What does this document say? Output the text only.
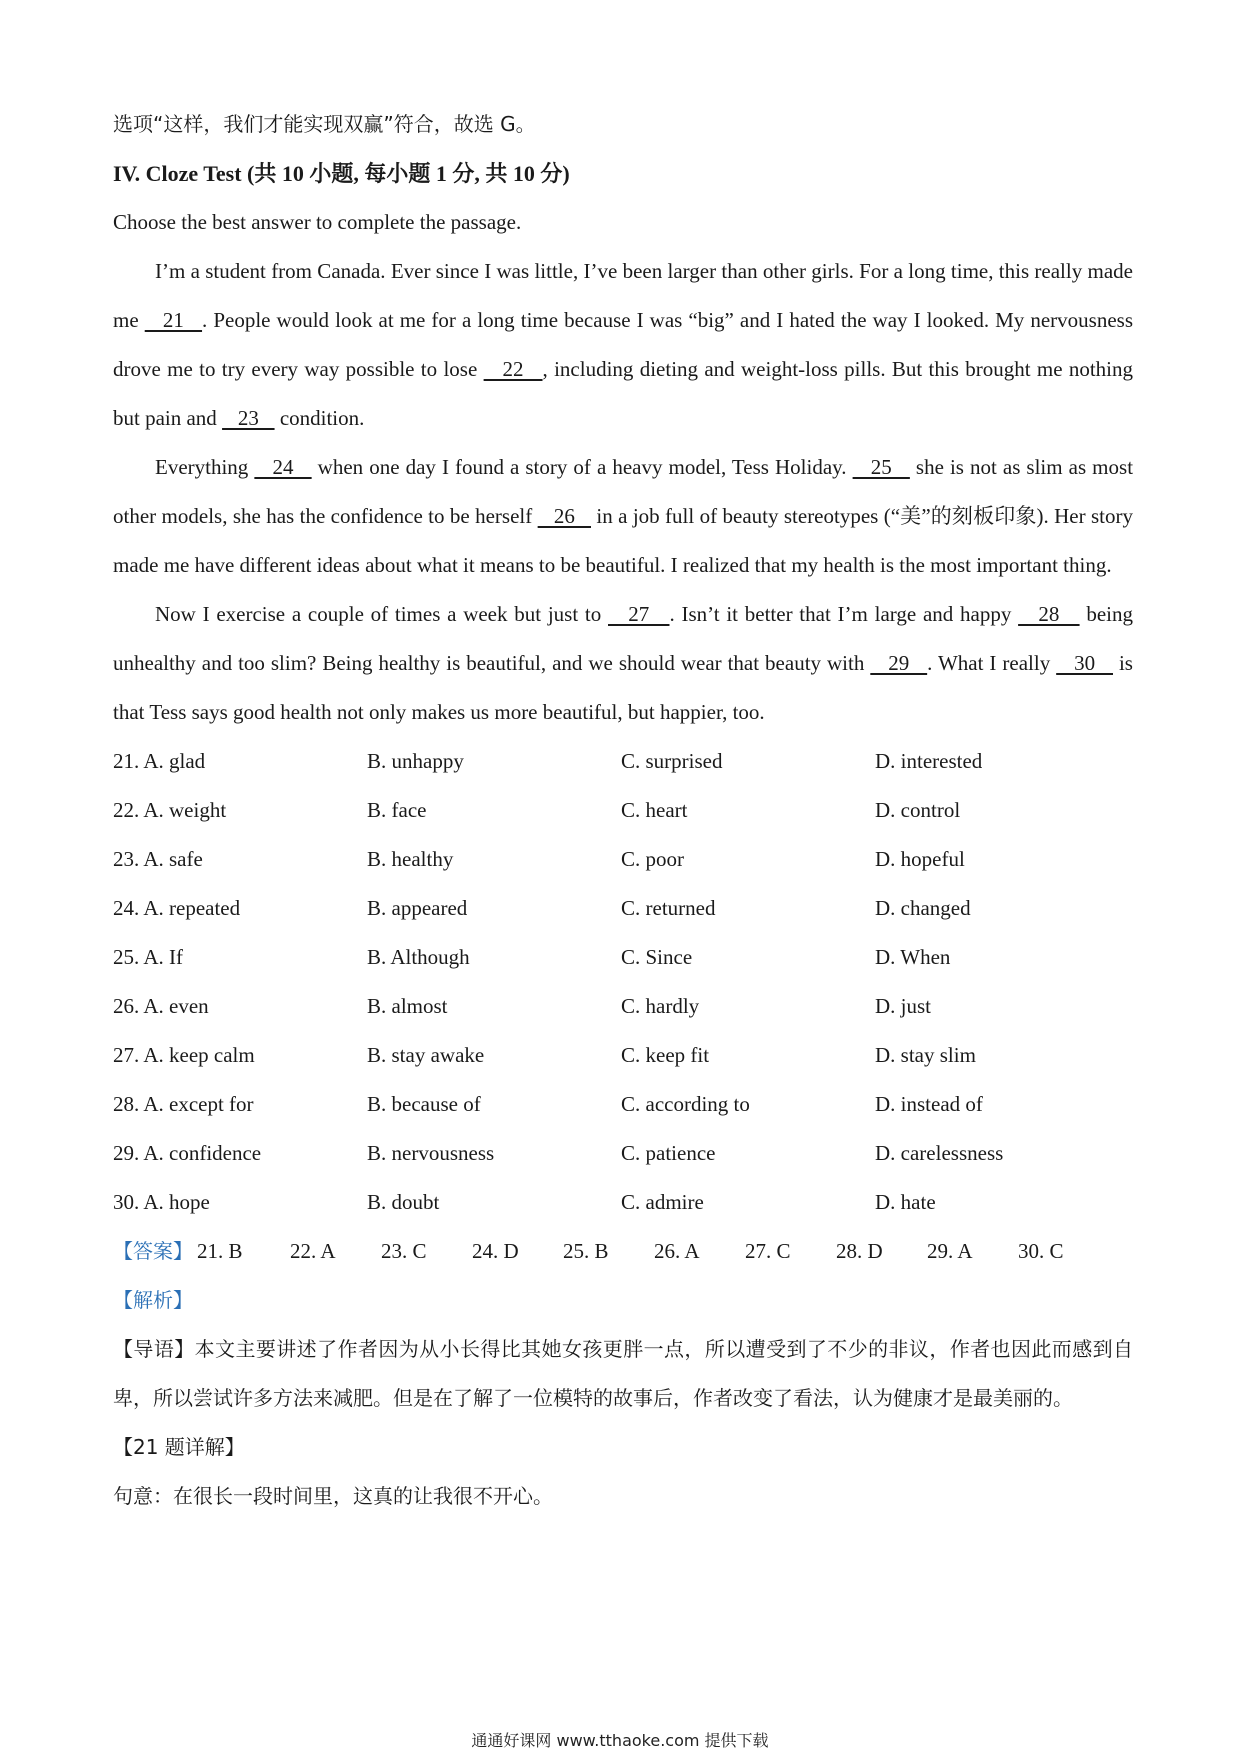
选项“这样，我们才能实现双赢”符合，故选 G。

IV. Cloze Test (共 10 小题, 每小题 1 分, 共 10 分)

Choose the best answer to complete the passage.

I’m a student from Canada. Ever since I was little, I’ve been larger than other girls. For a long time, this really made me    21   . People would look at me for a long time because I was “big” and I hated the way I looked. My nervousness drove me to try every way possible to lose    22   , including dieting and weight-loss pills. But this brought me nothing but pain and    23    condition.

Everything    24    when one day I found a story of a heavy model, Tess Holiday.    25    she is not as slim as most other models, she has the confidence to be herself    26    in a job full of beauty stereotypes (“美”的刻板印象). Her story made me have different ideas about what it means to be beautiful. I realized that my health is the most important thing.

Now I exercise a couple of times a week but just to    27   . Isn’t it better that I’m large and happy    28    being unhealthy and too slim? Being healthy is beautiful, and we should wear that beauty with    29   . What I really    30    is that Tess says good health not only makes us more beautiful, but happier, too.

21. A. glad	B. unhappy	C. surprised	D. interested
22. A. weight	B. face	C. heart	D. control
23. A. safe	B. healthy	C. poor	D. hopeful
24. A. repeated	B. appeared	C. returned	D. changed
25. A. If	B. Although	C. Since	D. When
26. A. even	B. almost	C. hardly	D. just
27. A. keep calm	B. stay awake	C. keep fit	D. stay slim
28. A. except for	B. because of	C. according to	D. instead of
29. A. confidence	B. nervousness	C. patience	D. carelessness
30. A. hope	B. doubt	C. admire	D. hate
【答案】 21. B	22. A	23. C	24. D	25. B	26. A	27. C	28. D	29. A	30. C

【解析】

【导语】本文主要讲述了作者因为从小长得比其她女孩更胖一点，所以遭受到了不少的非议，作者也因此而感到自卑，所以尝试许多方法来减肥。但是在了解了一位模特的故事后，作者改变了看法，认为健康才是最美丽的。

【21 题详解】

句意：在很长一段时间里，这真的让我很不开心。

通通好课网 www.tthaoke.com 提供下载
